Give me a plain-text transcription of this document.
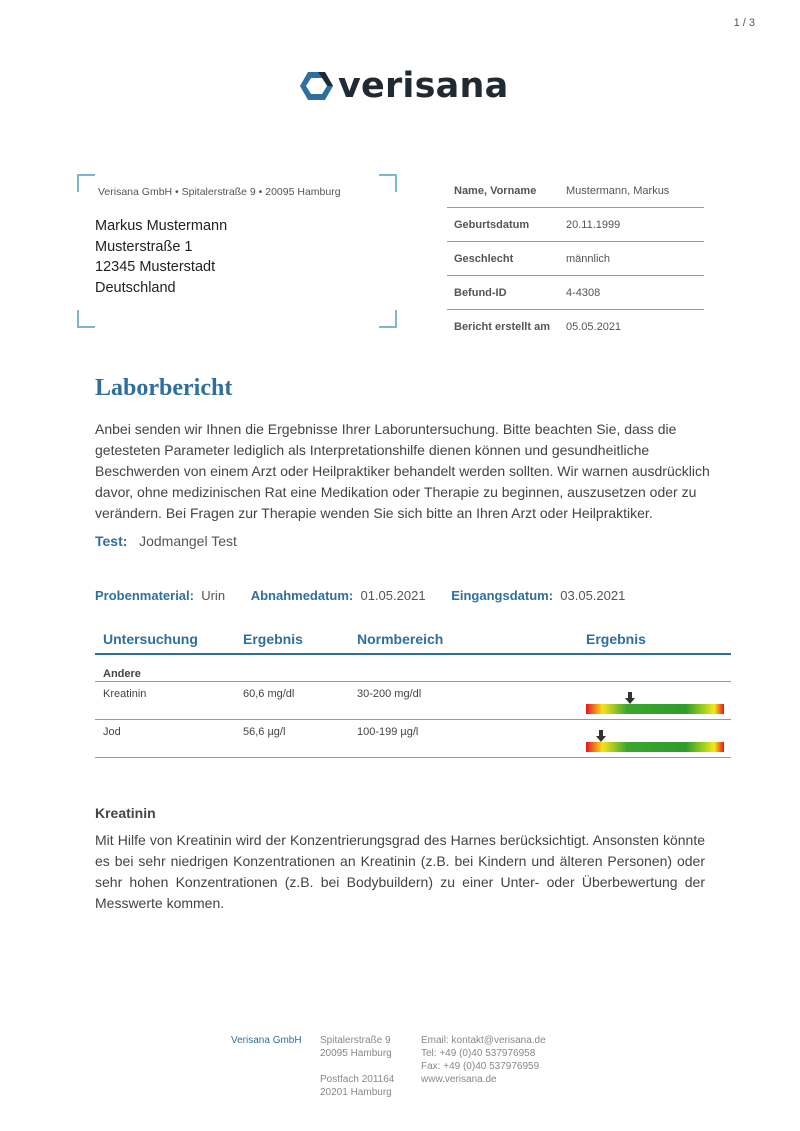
1 / 3
verisana
Verisana GmbH • Spitalerstraße 9 • 20095 Hamburg
Markus Mustermann
Musterstraße 1
12345 Musterstadt
Deutschland
Name, Vorname	Mustermann, Markus
Geburtsdatum	20.11.1999
Geschlecht	männlich
Befund-ID	4-4308
Bericht erstellt am	05.05.2021
Laborbericht

Anbei senden wir Ihnen die Ergebnisse Ihrer Laboruntersuchung. Bitte beachten Sie, dass die getesteten Parameter lediglich als Interpretationshilfe dienen können und gesundheitliche Beschwerden von einem Arzt oder Heilpraktiker behandelt werden sollten. Wir warnen ausdrücklich davor, ohne medizinischen Rat eine Medikation oder Therapie zu beginnen, auszusetzen oder zu verändern. Bei Fragen zur Therapie wenden Sie sich bitte an Ihren Arzt oder Heilpraktiker.

Test: Jodmangel Test
Probenmaterial: Urin Abnahmedatum: 01.05.2021 Eingangsdatum: 03.05.2021
Untersuchung	Ergebnis	Normbereich	Ergebnis
Andere
Kreatinin	60,6 mg/dl	30-200 mg/dl
Jod	56,6 µg/l	100-199 µg/l
Kreatinin

Mit Hilfe von Kreatinin wird der Konzentrierungsgrad des Harnes berücksichtigt. Ansonsten könnte es bei sehr niedrigen Konzentrationen an Kreatinin (z.B. bei Kindern und älteren Personen) oder sehr hohen Konzentrationen (z.B. bei Bodybuildern) zu einer Unter- oder Überbewertung der Messwerte kommen.

Verisana GmbH Spitalerstraße 9
20095 Hamburg

Postfach 201164
20201 Hamburg
Email: kontakt@verisana.de
Tel: +49 (0)40 537976958
Fax: +49 (0)40 537976959
www.verisana.de
